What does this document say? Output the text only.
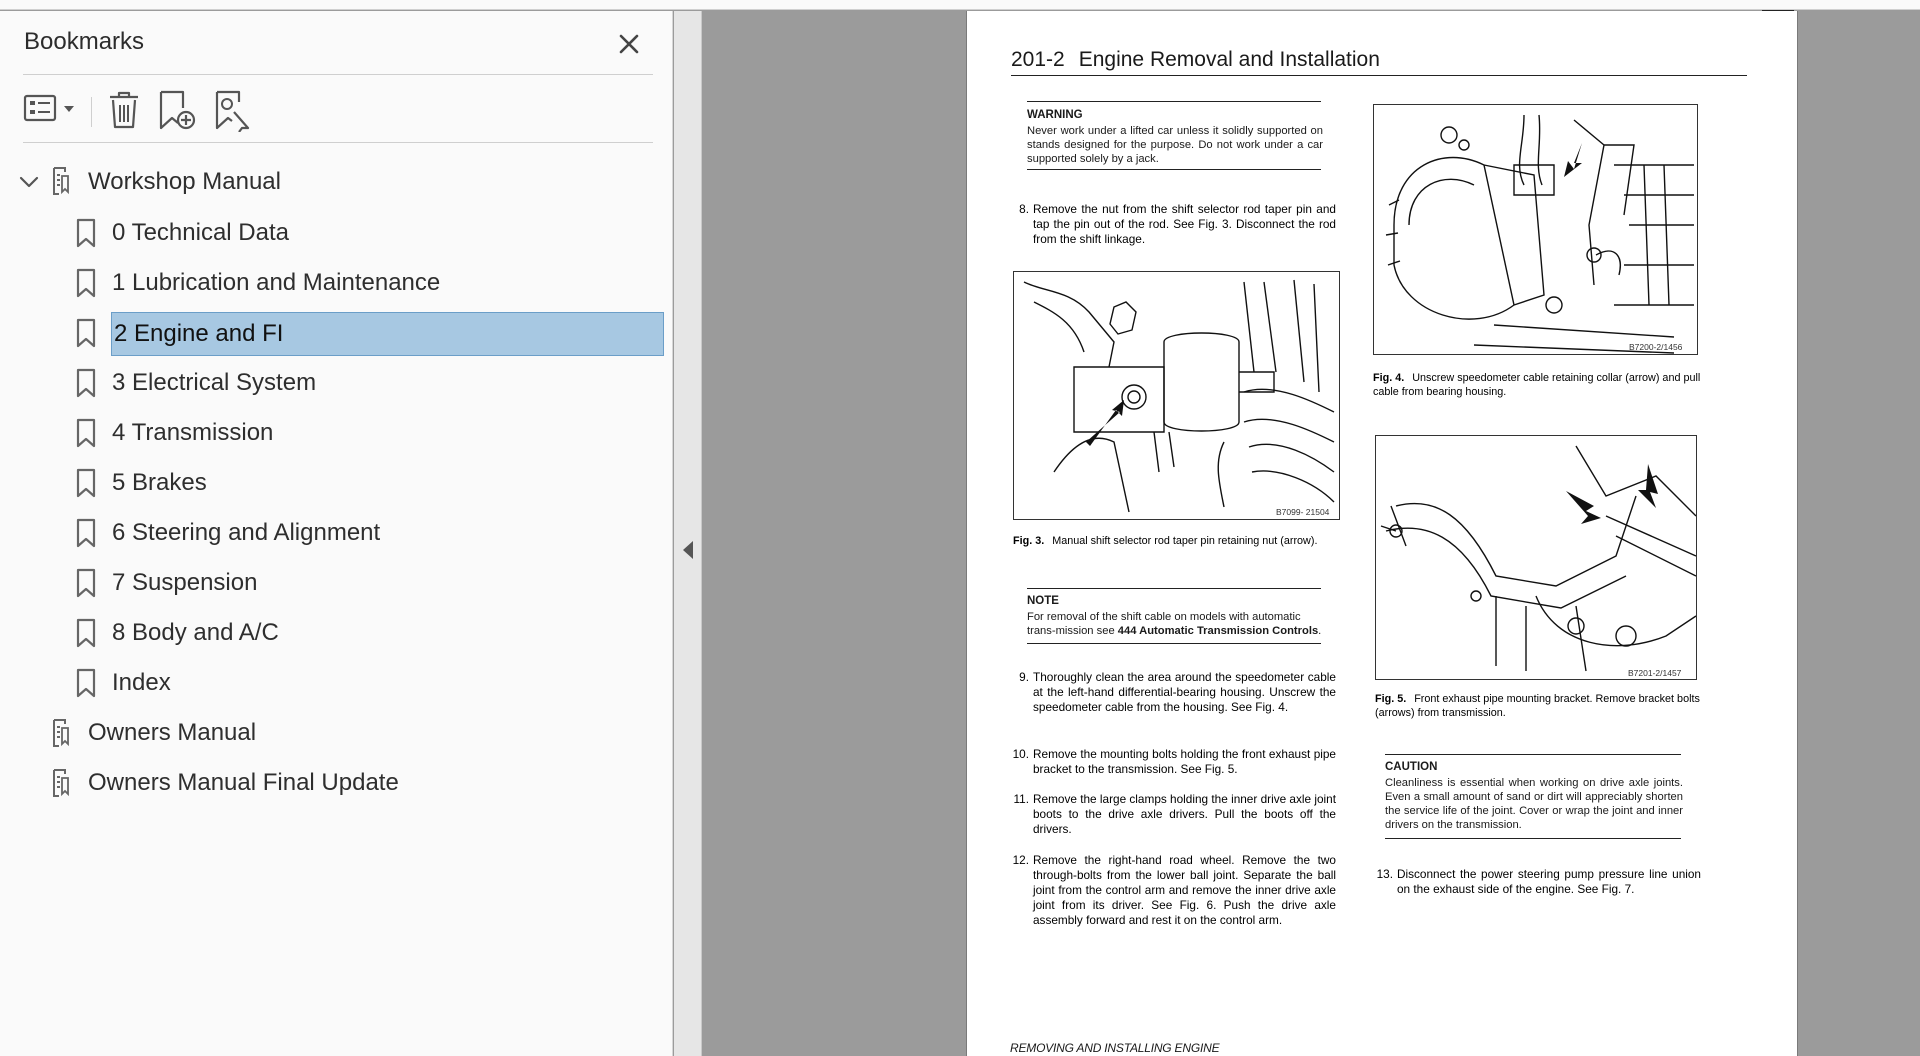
Bookmarks
Workshop Manual
0 Technical Data
1 Lubrication and Maintenance
2 Engine and FI
3 Electrical System
4 Transmission
5 Brakes
6 Steering and Alignment
7 Suspension
8 Body and A/C
Index
Owners Manual
Owners Manual Final Update
201-2 Engine Removal and Installation
WARNING
Never work under a lifted car unless it solidly supported on stands designed for the purpose. Do not work under a car supported solely by a jack.
8. Remove the nut from the shift selector rod taper pin and tap the pin out of the rod. See Fig. 3. Disconnect the rod from the shift linkage.
B7099- 21504
Fig. 3. Manual shift selector rod taper pin retaining nut (arrow).
NOTE
For removal of the shift cable on models with automatic trans-mission see 444 Automatic Transmission Controls.
9. Thoroughly clean the area around the speedometer cable at the left-hand differential-bearing housing. Unscrew the speedometer cable from the housing. See Fig. 4.
10. Remove the mounting bolts holding the front exhaust pipe bracket to the transmission. See Fig. 5.
11. Remove the large clamps holding the inner drive axle joint boots to the drive axle drivers. Pull the boots off the drivers.
12. Remove the right-hand road wheel. Remove the two through-bolts from the lower ball joint. Separate the ball joint from the control arm and remove the inner drive axle joint from its driver. See Fig. 6. Push the drive axle assembly forward and rest it on the control arm.
B7200-2/1456
Fig. 4. Unscrew speedometer cable retaining collar (arrow) and pull cable from bearing housing.
B7201-2/1457
Fig. 5. Front exhaust pipe mounting bracket. Remove bracket bolts (arrows) from transmission.
CAUTION
Cleanliness is essential when working on drive axle joints. Even a small amount of sand or dirt will appreciably shorten the service life of the joint. Cover or wrap the joint and inner drivers on the transmission.
13. Disconnect the power steering pump pressure line union on the exhaust side of the engine. See Fig. 7.
REMOVING AND INSTALLING ENGINE
